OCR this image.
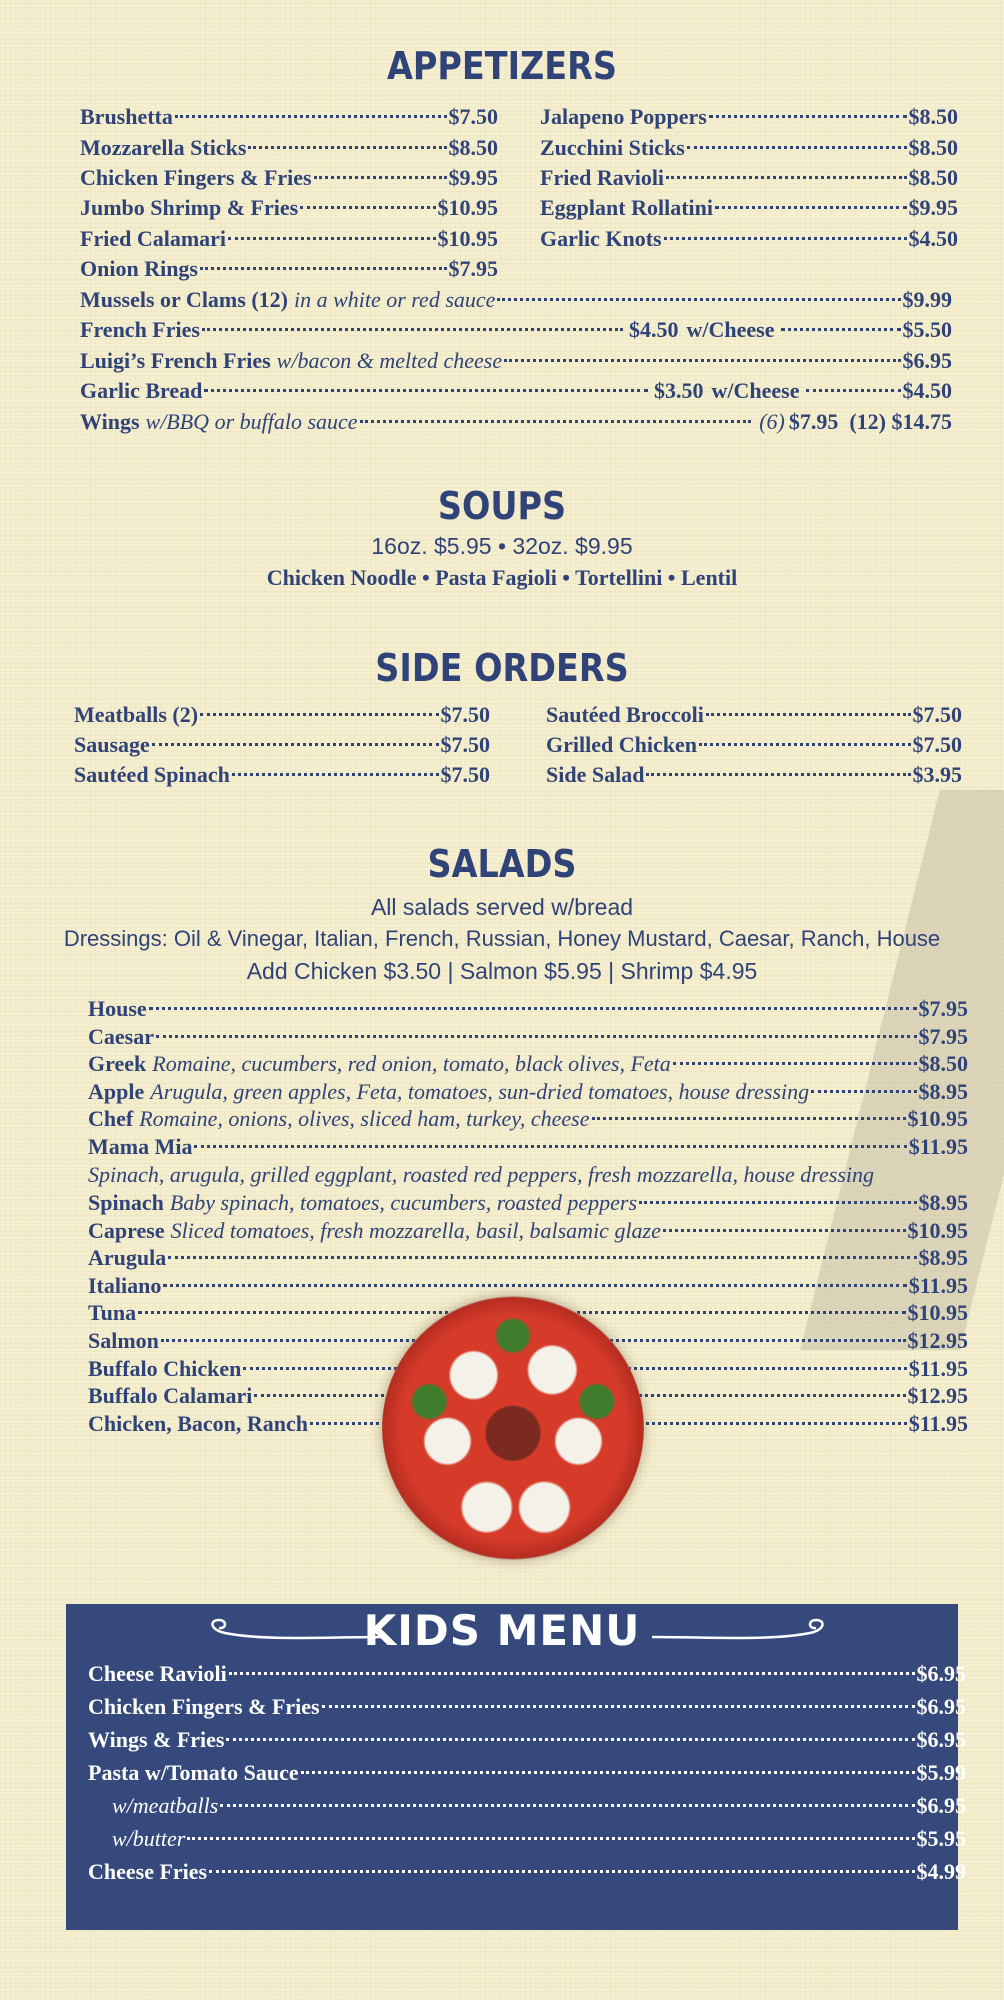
APPETIZERS
Brushetta	$7.50
Mozzarella Sticks	$8.50
Chicken Fingers & Fries	$9.95
Jumbo Shrimp & Fries	$10.95
Fried Calamari	$10.95
Onion Rings	$7.95
Jalapeno Poppers	$8.50
Zucchini Sticks	$8.50
Fried Ravioli	$8.50
Eggplant Rollatini	$9.95
Garlic Knots	$4.50
Mussels or Clams (12) in a white or red sauce	$9.99
French Fries	$4.50 w/Cheese	$5.50
Luigi’s French Fries w/bacon & melted cheese	$6.95
Garlic Bread	$3.50 w/Cheese	$4.50
Wings w/BBQ or buffalo sauce	(6) $7.95  (12) $14.75
SOUPS
16oz. $5.95 • 32oz. $9.95
Chicken Noodle • Pasta Fagioli • Tortellini • Lentil
SIDE ORDERS
Meatballs (2)	$7.50
Sausage	$7.50
Sautéed Spinach	$7.50
Sautéed Broccoli	$7.50
Grilled Chicken	$7.50
Side Salad	$3.95
SALADS
All salads served w/bread
Dressings: Oil & Vinegar, Italian, French, Russian, Honey Mustard, Caesar, Ranch, House
Add Chicken $3.50 | Salmon $5.95 | Shrimp $4.95
House	$7.95
Caesar	$7.95
Greek Romaine, cucumbers, red onion, tomato, black olives, Feta	$8.50
Apple Arugula, green apples, Feta, tomatoes, sun-dried tomatoes, house dressing	$8.95
Chef Romaine, onions, olives, sliced ham, turkey, cheese	$10.95
Mama Mia	$11.95
Spinach, arugula, grilled eggplant, roasted red peppers, fresh mozzarella, house dressing
Spinach Baby spinach, tomatoes, cucumbers, roasted peppers	$8.95
Caprese Sliced tomatoes, fresh mozzarella, basil, balsamic glaze	$10.95
Arugula	$8.95
Italiano	$11.95
Tuna	$10.95
Salmon	$12.95
Buffalo Chicken	$11.95
Buffalo Calamari	$12.95
Chicken, Bacon, Ranch	$11.95
KIDS MENU
Cheese Ravioli	$6.95
Chicken Fingers & Fries	$6.95
Wings & Fries	$6.95
Pasta w/Tomato Sauce	$5.99
w/meatballs	$6.95
w/butter	$5.95
Cheese Fries	$4.99
